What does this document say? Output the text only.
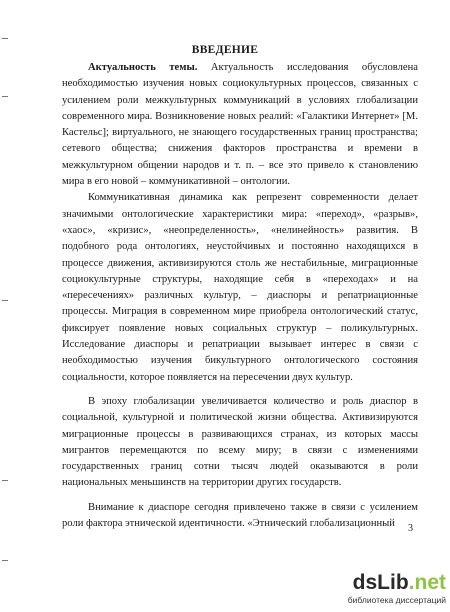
ВВЕДЕНИЕ

Актуальность темы. Актуальность исследования обусловлена необходимостью изучения новых социокультурных процессов, связанных с усилением роли межкультурных коммуникаций в условиях глобализации современного мира. Возникновение новых реалий: «Галактики Интернет» [М. Кастельс]; виртуального, не знающего государственных границ пространства; сетевого общества; снижения факторов пространства и времени в межкультурном общении народов и т. п. – все это привело к становлению мира в его новой – коммуникативной – онтологии.

Коммуникативная динамика как репрезент современности делает значимыми онтологические характеристики мира: «переход», «разрыв», «хаос», «кризис», «неопределенность», «нелинейность» развития. В подобного рода онтологиях, неустойчивых и постоянно находящихся в процессе движения, активизируются столь же нестабильные, миграционные социокультурные структуры, находящие себя в «переходах» и на «пересечениях» различных культур, – диаспоры и репатриационные процессы. Миграция в современном мире приобрела онтологический статус, фиксирует появление новых социальных структур – поликультурных. Исследование диаспоры и репатриации вызывает интерес в связи с необходимостью изучения бикультурного онтологического состояния социальности, которое появляется на пересечении двух культур.

В эпоху глобализации увеличивается количество и роль диаспор в социальной, культурной и политической жизни общества. Активизируются миграционные процессы в развивающихся странах, из которых массы мигрантов перемещаются по всему миру; в связи с изменениями государственных границ сотни тысяч людей оказываются в роли национальных меньшинств на территории других государств.

Внимание к диаспоре сегодня привлечено также в связи с усилением роли фактора этнической идентичности. «Этнический глобализационный	3
dsLib.net
библиотека диссертаций
